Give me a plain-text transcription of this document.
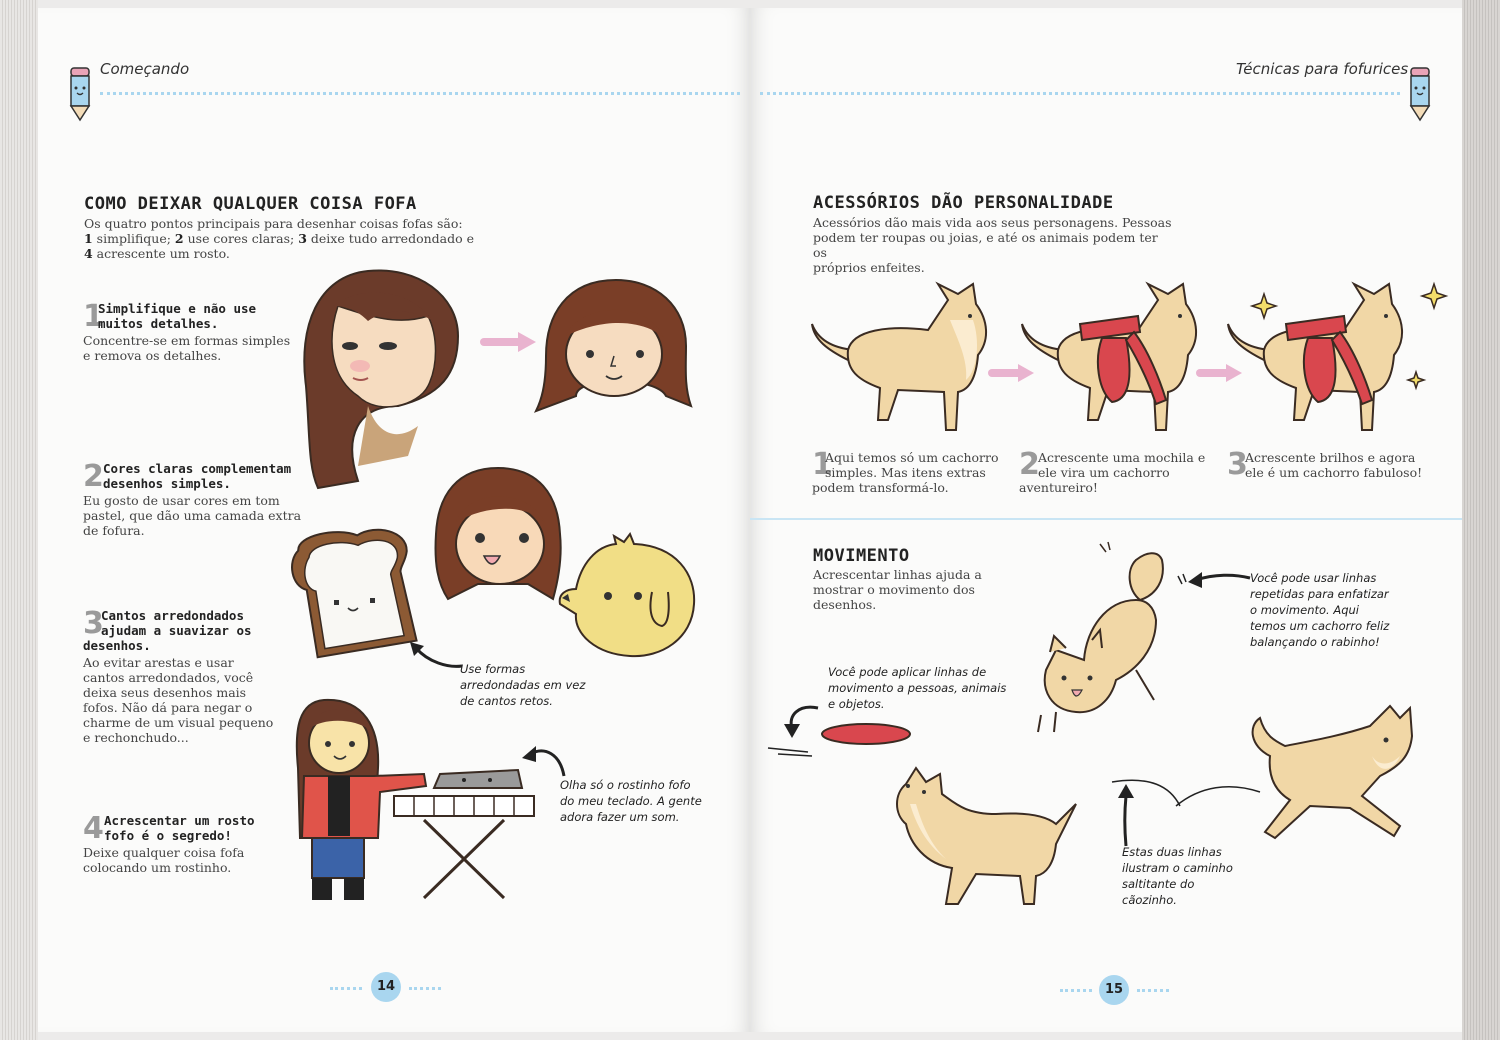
Começando
COMO DEIXAR QUALQUER COISA FOFA
Os quatro pontos principais para desenhar coisas fofas são:
1 simplifique; 2 use cores claras; 3 deixe tudo arredondado e
4 acrescente um rosto.
1
Simplifique e não use
muitos detalhes.
Concentre-se em formas simples
e remova os detalhes.
2 Cores claras complementam
desenhos simples.
Eu gosto de usar cores em tom
pastel, que dão uma camada extra
de fofura.
3
Cantos arredondados
ajudam a suavizar os
desenhos.
Ao evitar arestas e usar
cantos arredondados, você
deixa seus desenhos mais
fofos. Não dá para negar o
charme de um visual pequeno
e rechonchudo...
4 Acrescentar um rosto
fofo é o segredo!
Deixe qualquer coisa fofa
colocando um rostinho.
Use formas
arredondadas em vez
de cantos retos.
Olha só o rostinho fofo
do meu teclado. A gente
adora fazer um som.
14
Técnicas para fofurices
ACESSÓRIOS DÃO PERSONALIDADE
Acessórios dão mais vida aos seus personagens. Pessoas
podem ter roupas ou joias, e até os animais podem ter os
próprios enfeites.
1
Aqui temos só um cachorro
simples. Mas itens extras
podem transformá-lo.
2
Acrescente uma mochila e
ele vira um cachorro
aventureiro!
3
Acrescente brilhos e agora
ele é um cachorro fabuloso!
MOVIMENTO
Acrescentar linhas ajuda a
mostrar o movimento dos
desenhos.
Você pode usar linhas
repetidas para enfatizar
o movimento. Aqui
temos um cachorro feliz
balançando o rabinho!
Você pode aplicar linhas de
movimento a pessoas, animais
e objetos.
Estas duas linhas
ilustram o caminho
saltitante do
cãozinho.
15
